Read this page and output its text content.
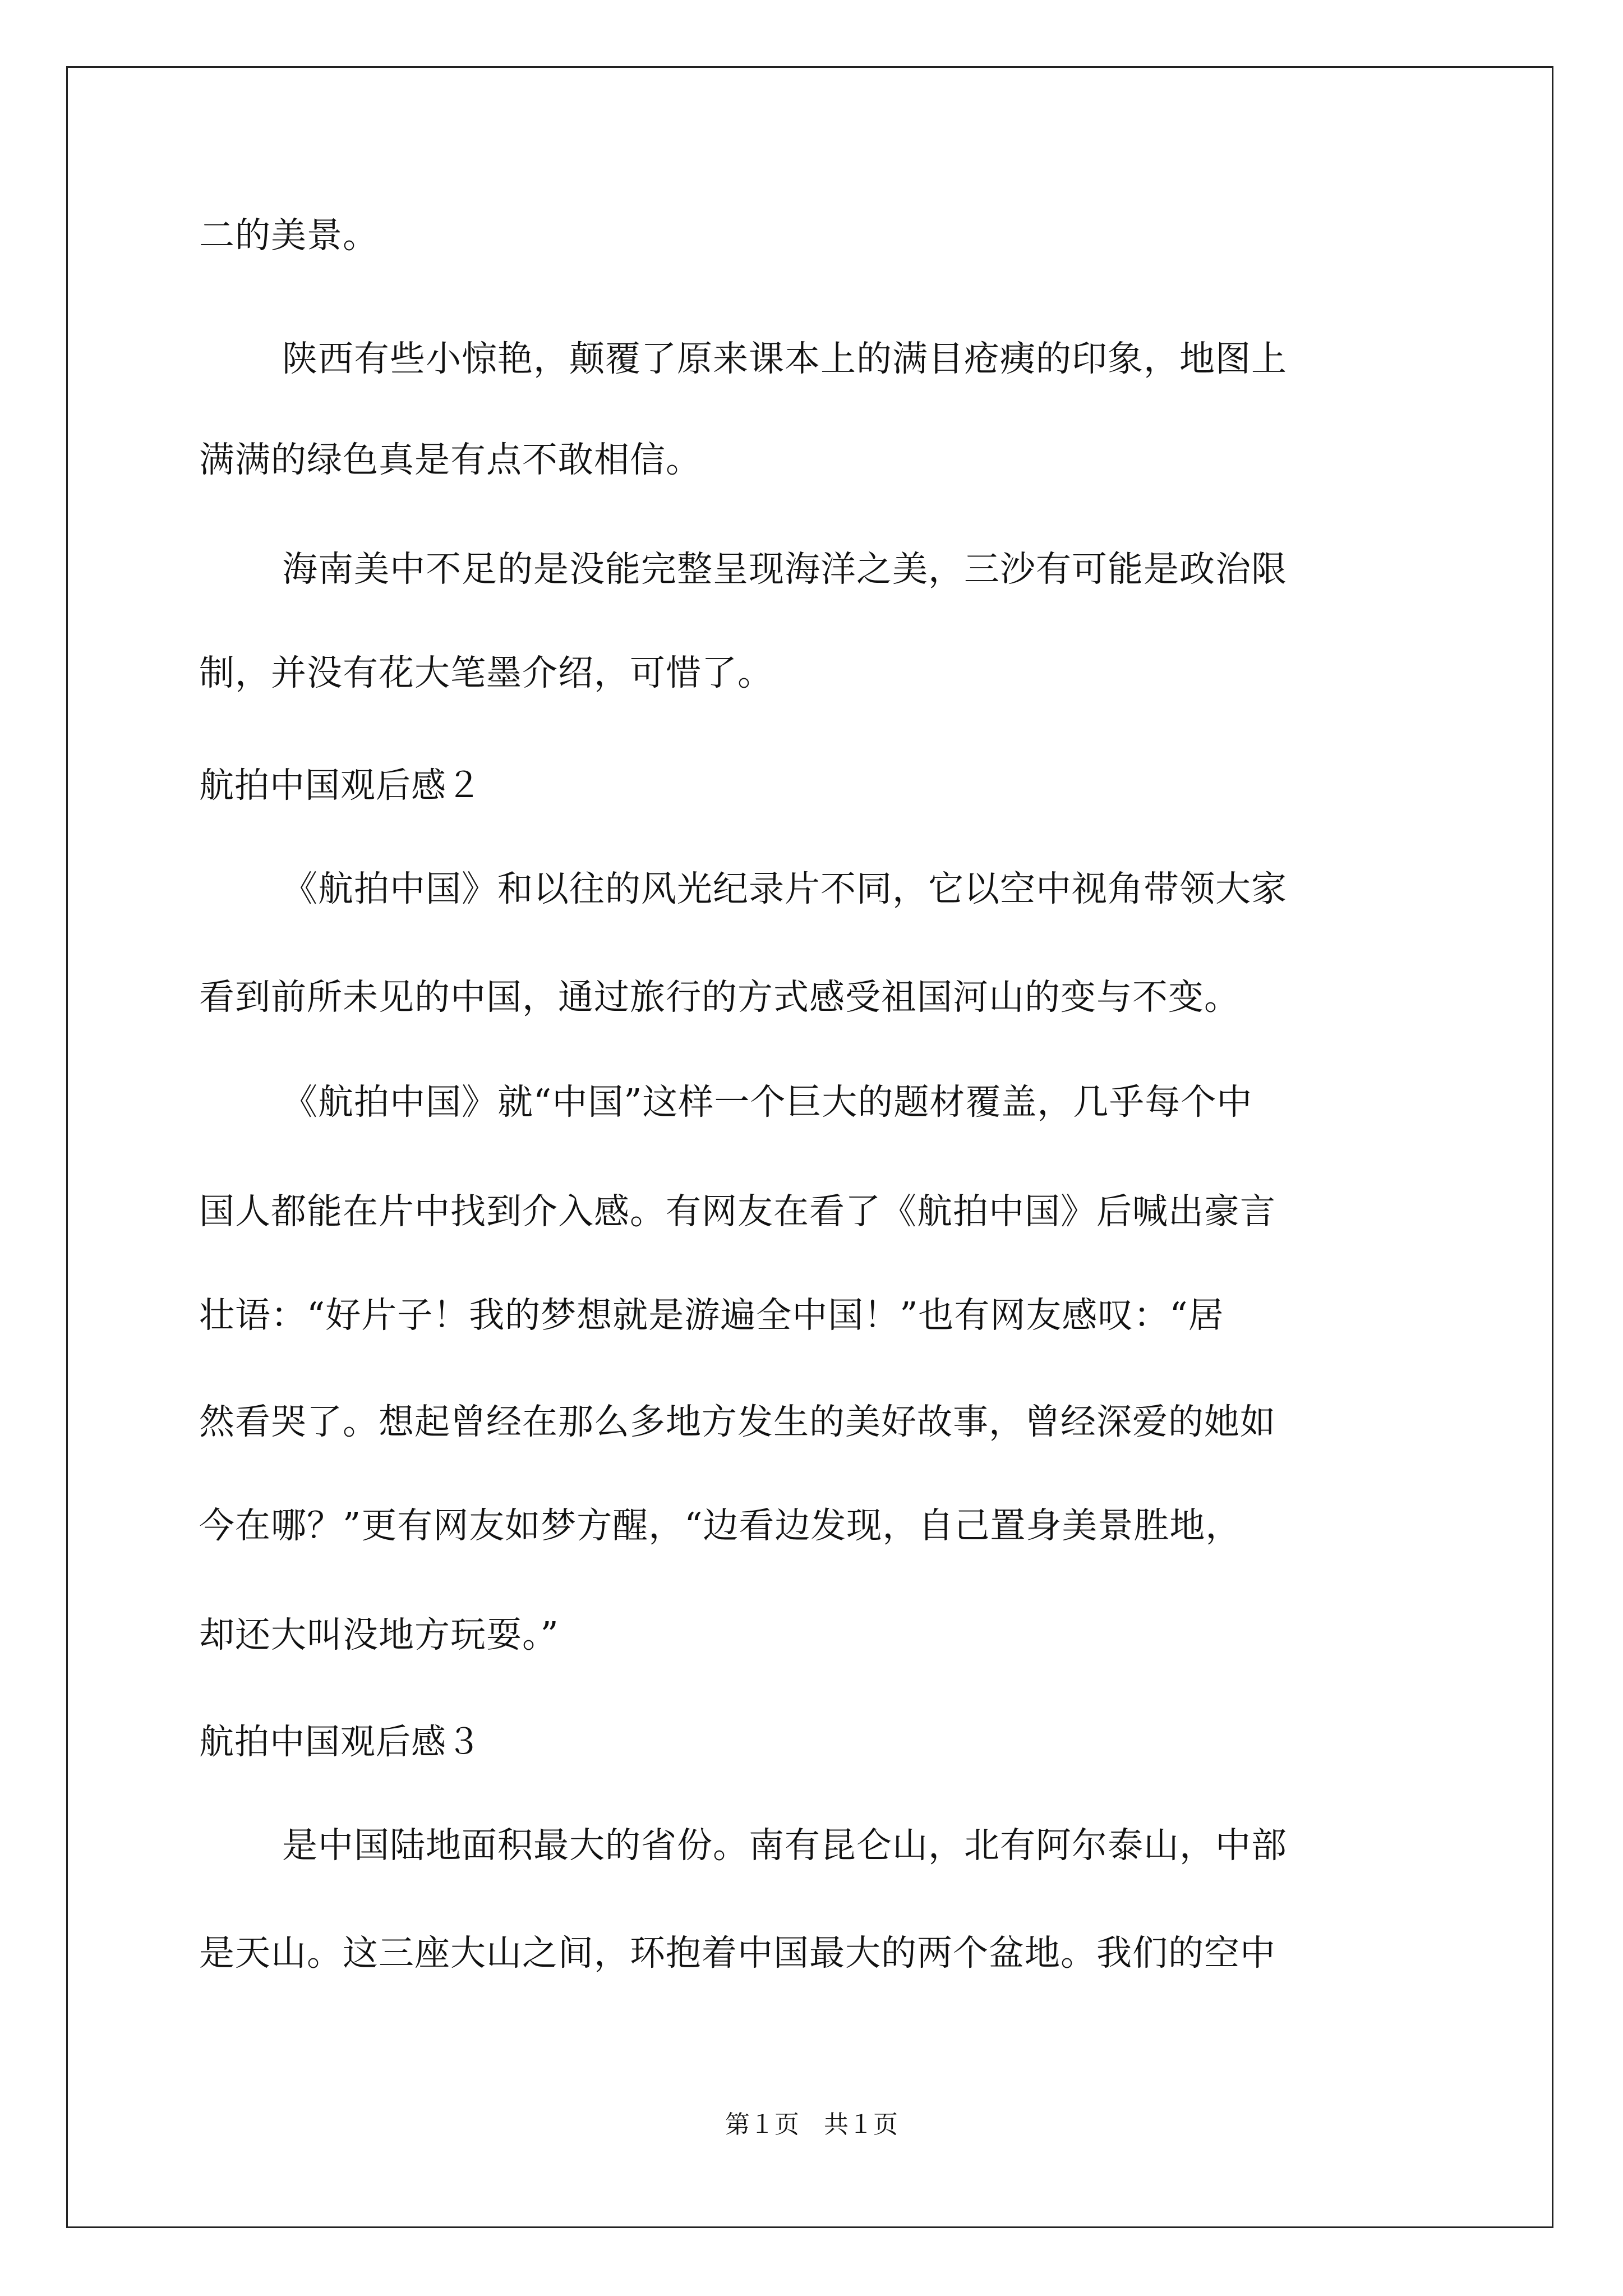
二的美景。
陕西有些小惊艳，颠覆了原来课本上的满目疮痍的印象，地图上
满满的绿色真是有点不敢相信。
海南美中不足的是没能完整呈现海洋之美，三沙有可能是政治限
制，并没有花大笔墨介绍，可惜了。
航拍中国观后感２
《航拍中国》和以往的风光纪录片不同，它以空中视角带领大家
看到前所未见的中国，通过旅行的方式感受祖国河山的变与不变。
《航拍中国》就“中国”这样一个巨大的题材覆盖，几乎每个中
国人都能在片中找到介入感。有网友在看了《航拍中国》后喊出豪言
壮语：“好片子！我的梦想就是游遍全中国！”也有网友感叹：“居
然看哭了。想起曾经在那么多地方发生的美好故事，曾经深爱的她如
今在哪？”更有网友如梦方醒，“边看边发现，自己置身美景胜地，
却还大叫没地方玩耍。”
航拍中国观后感３
是中国陆地面积最大的省份。南有昆仑山，北有阿尔泰山，中部
是天山。这三座大山之间，环抱着中国最大的两个盆地。我们的空中
第１页　共１页
